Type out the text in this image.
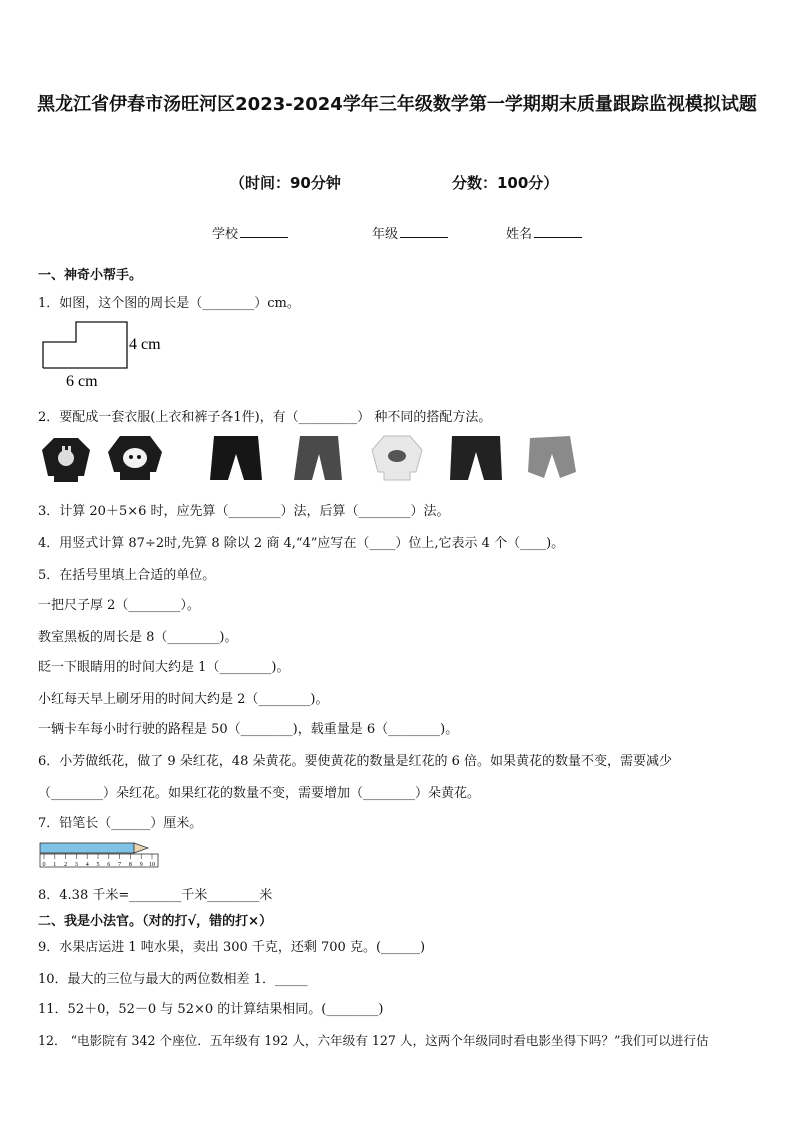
黑龙江省伊春市汤旺河区2023-2024学年三年级数学第一学期期末质量跟踪监视模拟试题
（时间：90分钟	分数：100分）
学校	年级	姓名
一、神奇小帮手。
1．如图，这个图的周长是（________）cm。
4 cm
6 cm
2．要配成一套衣服(上衣和裤子各1件)，有（_________） 种不同的搭配方法。
3．计算 20＋5×6 时，应先算（________）法，后算（________）法。
4．用竖式计算 87÷2时,先算 8 除以 2 商 4,“4”应写在（____）位上,它表示 4 个（____)。
5．在括号里填上合适的单位。
一把尺子厚 2（________）。
教室黑板的周长是 8（________)。
眨一下眼睛用的时间大约是 1（________)。
小红每天早上刷牙用的时间大约是 2（________)。
一辆卡车每小时行驶的路程是 50（________)，载重量是 6（________)。
6．小芳做纸花，做了 9 朵红花，48 朵黄花。要使黄花的数量是红花的 6 倍。如果黄花的数量不变，需要减少
（________）朵红花。如果红花的数量不变，需要增加（________）朵黄花。
7．铅笔长（______）厘米。
0 1 2 3 4 5 6 7 8 9 10
8．4.38 千米=________千米________米
二、我是小法官。（对的打√，错的打×）
9．水果店运进 1 吨水果，卖出 300 千克，还剩 700 克。(______)
10．最大的三位与最大的两位数相差 1．_____
11．52＋0，52－0 与 52×0 的计算结果相同。(________)
12． “电影院有 342 个座位．五年级有 192 人，六年级有 127 人，这两个年级同时看电影坐得下吗？”我们可以进行估
